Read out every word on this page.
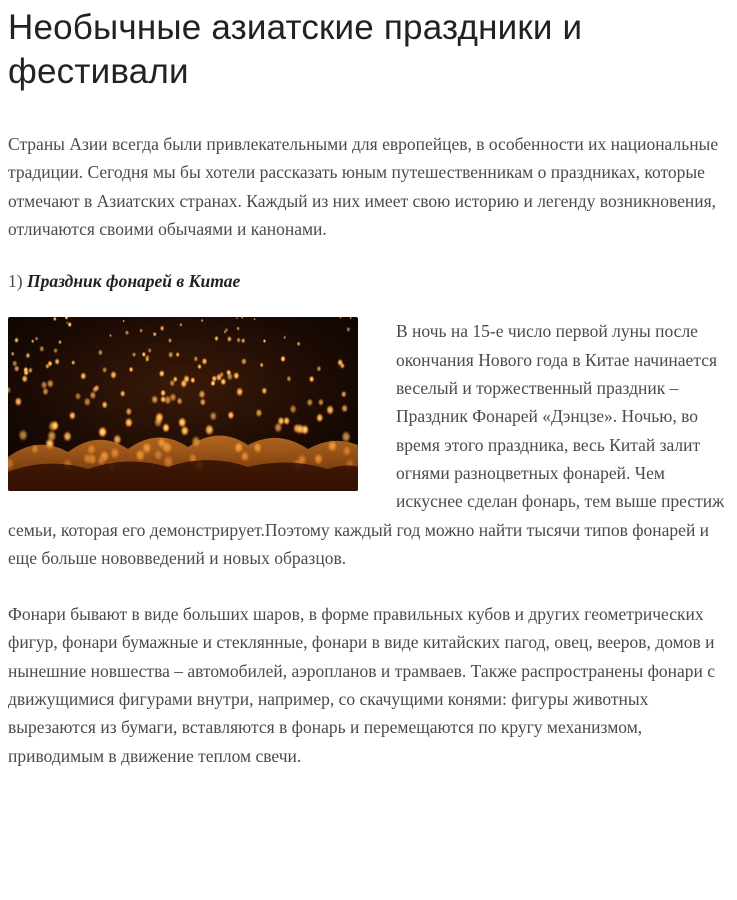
Необычные азиатские праздники и фестивали

Страны Азии всегда были привлекательными для европейцев, в особенности их национальные традиции. Сегодня мы бы хотели рассказать юным путешественникам о праздниках, которые отмечают в Азиатских странах. Каждый из них имеет свою историю и легенду возникновения, отличаются своими обычаями и канонами.

1) Праздник фонарей в Китае

В ночь на 15-е число первой луны после окончания Нового года в Китае начинается веселый и торжественный праздник – Праздник Фонарей «Дэнцзе». Ночью, во время этого праздника, весь Китай залит огнями разноцветных фонарей. Чем искуснее сделан фонарь, тем выше престиж семьи, которая его демонстрирует.Поэтому каждый год можно найти тысячи типов фонарей и еще больше нововведений и новых образцов.

Фонари бывают в виде больших шаров, в форме правильных кубов и других геометрических фигур, фонари бумажные и стеклянные, фонари в виде китайских пагод, овец, вееров, домов и нынешние новшества – автомобилей, аэропланов и трамваев. Также распространены фонари с движущимися фигурами внутри, например, со скачущими конями: фигуры животных вырезаются из бумаги, вставляются в фонарь и перемещаются по кругу механизмом, приводимым в движение теплом свечи.
